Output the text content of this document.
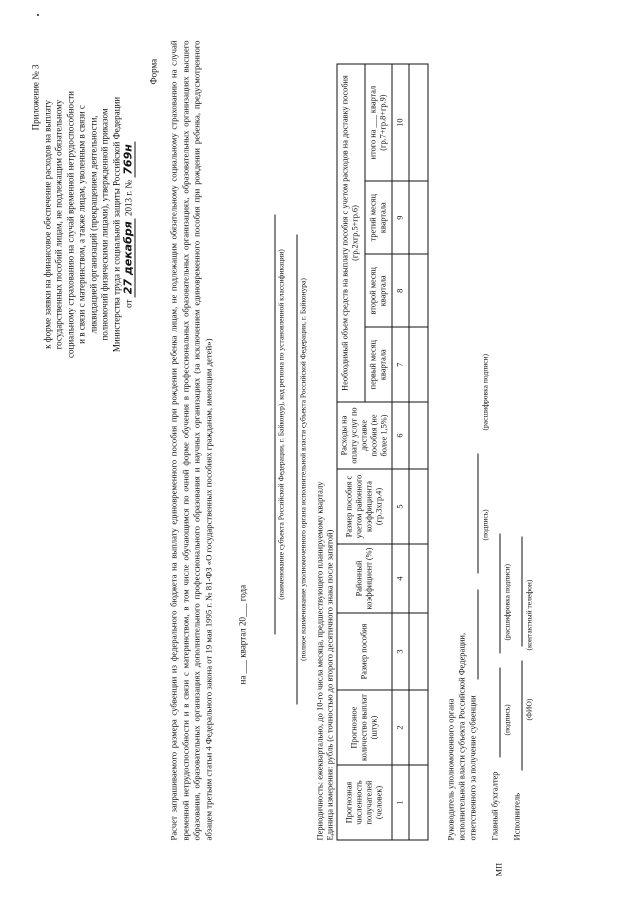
Приложение № 3
к форме заявки на финансовое обеспечение расходов на выплату государственных пособий лицам, не подлежащим обязательному социальному страхованию на случай временной нетрудоспособности и в связи с материнством, а также лицам, уволенным в связи с ликвидацией организаций (прекращением деятельности, полномочий физическими лицами), утвержденной приказом Министерства труда и социальной защиты Российской Федерации от 27 декабря 2013 г. № 769н
Форма Расчет запрашиваемого размера субвенции из федерального бюджета на выплату единовременного пособия при рождении ребенка лицам, не подлежащим обязательному социальному страхованию на случай временной нетрудоспособности и в связи с материнством, в том числе обучающимся по очной форме обучения в профессиональных образовательных организациях, образовательных организациях высшего образования, образовательных организациях дополнительного профессионального образования и научных организациях (за исключением единовременного пособия при рождении ребенка, предусмотренного абзацем третьим статьи 4 Федерального закона от 19 мая 1995 г. № 81-ФЗ «О государственных пособиях гражданам, имеющим детей»)	на ___ квартал 20___ года
(наименование субъекта Российской Федерации, г. Байконур), код региона по установленной классификации) (полное наименование уполномоченного органа исполнительной власти субъекта Российской Федерации, г. Байконура)
Периодичность: ежеквартально, до 10-го числа месяца, предшествующего планируемому кварталу Единица измерения: рубль (с точностью до второго десятичного знака после запятой) Прогнозная численность получателей (человек)	Прогнозное количество выплат (штук)	Размер пособия	Районный коэффициент (%)	Размер пособия с учетом районного коэффициента (гр.3хгр.4)	Расходы на оплату услуг по доставке пособия (не более 1,5%)	Необходимый объем средств на выплату пособия с учетом расходов на доставку пособия (гр.2хгр.5+гр.6)			
						первый месяц квартала	второй месяц квартала	третий месяц квартала	итого на ___ квартал (гр.7+гр.8+гр.9)
1	2	3	4	5	6	7	8	9	10

Руководитель уполномоченного органа исполнительной власти субъекта Российской Федерации, ответственного за получение субвенции
(подпись)
(расшифровка подписи)
Главный бухгалтер
(подпись)
(расшифровка подписи)
Исполнитель
(ФИО)
(контактный телефон)
МП
